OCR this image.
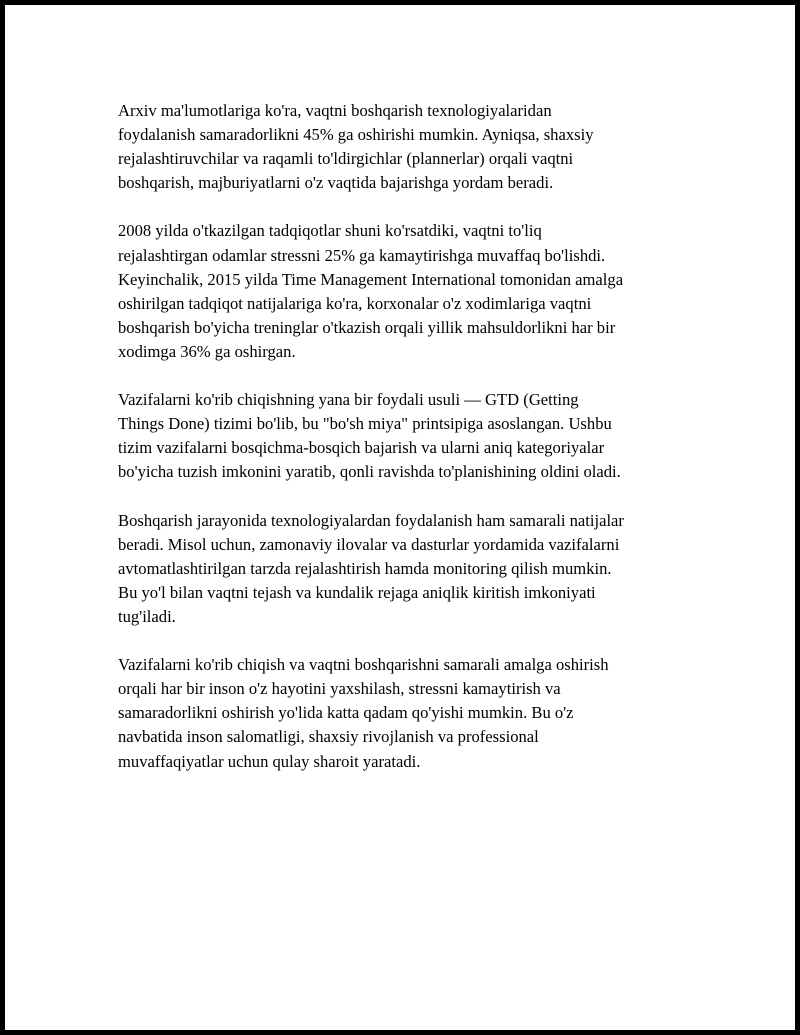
Arxiv ma'lumotlariga ko'ra, vaqtni boshqarish texnologiyalaridan
foydalanish samaradorlikni 45% ga oshirishi mumkin. Ayniqsa, shaxsiy
rejalashtiruvchilar va raqamli to'ldirgichlar (plannerlar) orqali vaqtni
boshqarish, majburiyatlarni o'z vaqtida bajarishga yordam beradi.

2008 yilda o'tkazilgan tadqiqotlar shuni ko'rsatdiki, vaqtni to'liq
rejalashtirgan odamlar stressni 25% ga kamaytirishga muvaffaq bo'lishdi.
Keyinchalik, 2015 yilda Time Management International tomonidan amalga
oshirilgan tadqiqot natijalariga ko'ra, korxonalar o'z xodimlariga vaqtni
boshqarish bo'yicha treninglar o'tkazish orqali yillik mahsuldorlikni har bir
xodimga 36% ga oshirgan.

Vazifalarni ko'rib chiqishning yana bir foydali usuli — GTD (Getting
Things Done) tizimi bo'lib, bu "bo'sh miya" printsipiga asoslangan. Ushbu
tizim vazifalarni bosqichma-bosqich bajarish va ularni aniq kategoriyalar
bo'yicha tuzish imkonini yaratib, qonli ravishda to'planishining oldini oladi.

Boshqarish jarayonida texnologiyalardan foydalanish ham samarali natijalar
beradi. Misol uchun, zamonaviy ilovalar va dasturlar yordamida vazifalarni
avtomatlashtirilgan tarzda rejalashtirish hamda monitoring qilish mumkin.
Bu yo'l bilan vaqtni tejash va kundalik rejaga aniqlik kiritish imkoniyati
tug'iladi.

Vazifalarni ko'rib chiqish va vaqtni boshqarishni samarali amalga oshirish
orqali har bir inson o'z hayotini yaxshilash, stressni kamaytirish va
samaradorlikni oshirish yo'lida katta qadam qo'yishi mumkin. Bu o'z
navbatida inson salomatligi, shaxsiy rivojlanish va professional
muvaffaqiyatlar uchun qulay sharoit yaratadi.
